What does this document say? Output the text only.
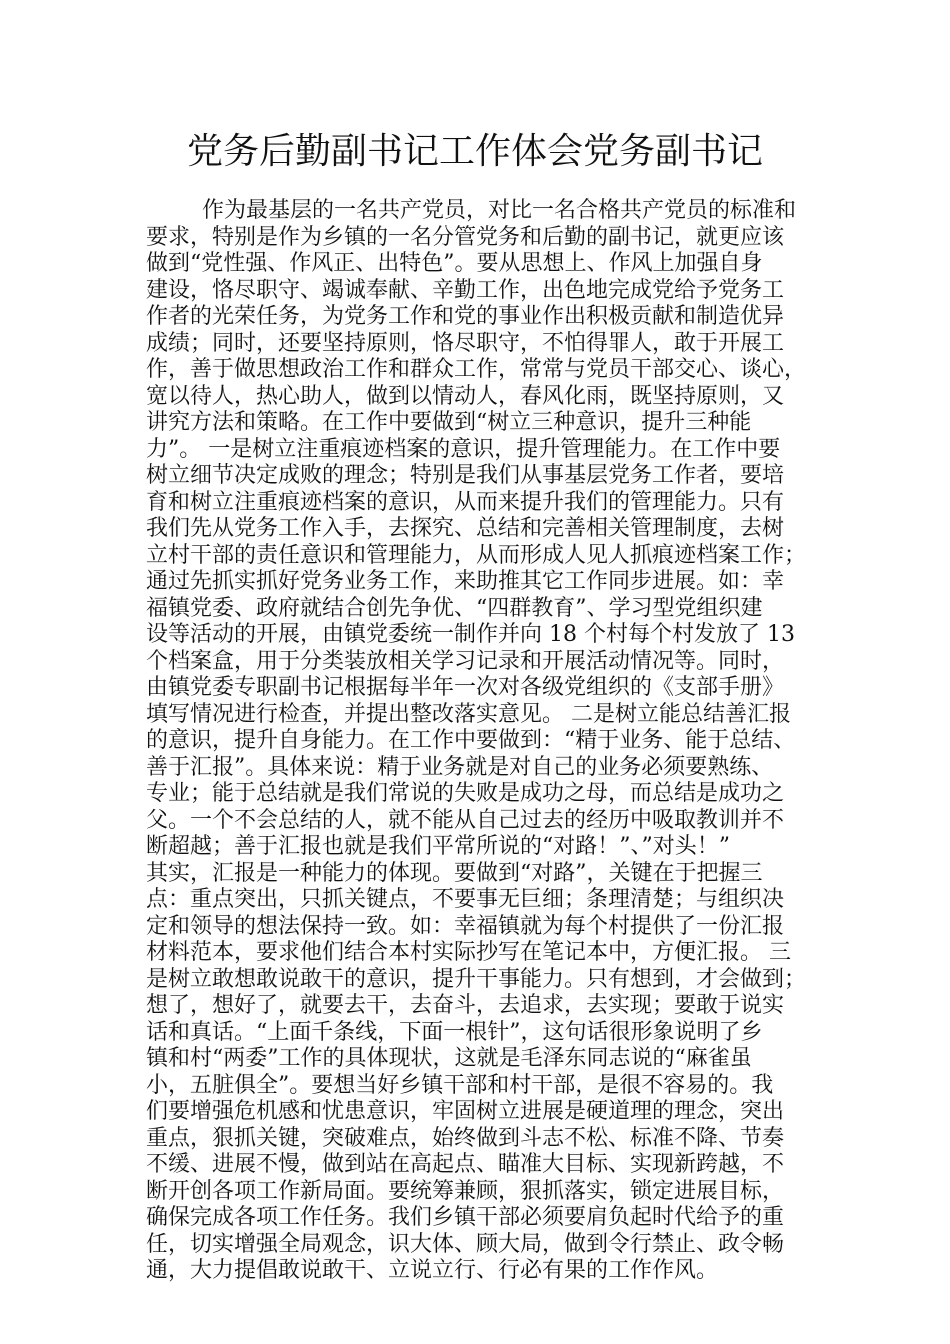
党务后勤副书记工作体会党务副书记
作为最基层的一名共产党员，对比一名合格共产党员的标准和
要求，特别是作为乡镇的一名分管党务和后勤的副书记，就更应该
做到“党性强、作风正、出特色”。要从思想上、作风上加强自身
建设，恪尽职守、竭诚奉献、辛勤工作，出色地完成党给予党务工
作者的光荣任务，为党务工作和党的事业作出积极贡献和制造优异
成绩；同时，还要坚持原则，恪尽职守，不怕得罪人，敢于开展工
作，善于做思想政治工作和群众工作，常常与党员干部交心、谈心，
宽以待人，热心助人，做到以情动人，春风化雨，既坚持原则，又
讲究方法和策略。在工作中要做到“树立三种意识，提升三种能
力”。 一是树立注重痕迹档案的意识，提升管理能力。在工作中要
树立细节决定成败的理念；特别是我们从事基层党务工作者，要培
育和树立注重痕迹档案的意识，从而来提升我们的管理能力。只有
我们先从党务工作入手，去探究、总结和完善相关管理制度，去树
立村干部的责任意识和管理能力，从而形成人见人抓痕迹档案工作；
通过先抓实抓好党务业务工作，来助推其它工作同步进展。如：幸
福镇党委、政府就结合创先争优、“四群教育”、学习型党组织建
设等活动的开展，由镇党委统一制作并向 18 个村每个村发放了 13
个档案盒，用于分类装放相关学习记录和开展活动情况等。同时，
由镇党委专职副书记根据每半年一次对各级党组织的《支部手册》
填写情况进行检查，并提出整改落实意见。 二是树立能总结善汇报
的意识，提升自身能力。在工作中要做到：“精于业务、能于总结、
善于汇报”。具体来说：精于业务就是对自己的业务必须要熟练、
专业；能于总结就是我们常说的失败是成功之母，而总结是成功之
父。一个不会总结的人，就不能从自己过去的经历中吸取教训并不
断超越；善于汇报也就是我们平常所说的“对路！”、”对头！”
其实，汇报是一种能力的体现。要做到“对路”，关键在于把握三
点：重点突出，只抓关键点，不要事无巨细；条理清楚；与组织决
定和领导的想法保持一致。如：幸福镇就为每个村提供了一份汇报
材料范本，要求他们结合本村实际抄写在笔记本中，方便汇报。 三
是树立敢想敢说敢干的意识，提升干事能力。只有想到，才会做到；
想了，想好了，就要去干，去奋斗，去追求，去实现；要敢于说实
话和真话。“上面千条线，下面一根针”，这句话很形象说明了乡
镇和村“两委”工作的具体现状，这就是毛泽东同志说的“麻雀虽
小，五脏俱全”。要想当好乡镇干部和村干部，是很不容易的。我
们要增强危机感和忧患意识，牢固树立进展是硬道理的理念，突出
重点，狠抓关键，突破难点，始终做到斗志不松、标准不降、节奏
不缓、进展不慢，做到站在高起点、瞄准大目标、实现新跨越，不
断开创各项工作新局面。要统筹兼顾，狠抓落实，锁定进展目标，
确保完成各项工作任务。我们乡镇干部必须要肩负起时代给予的重
任，切实增强全局观念，识大体、顾大局，做到令行禁止、政令畅
通，大力提倡敢说敢干、立说立行、行必有果的工作作风。
